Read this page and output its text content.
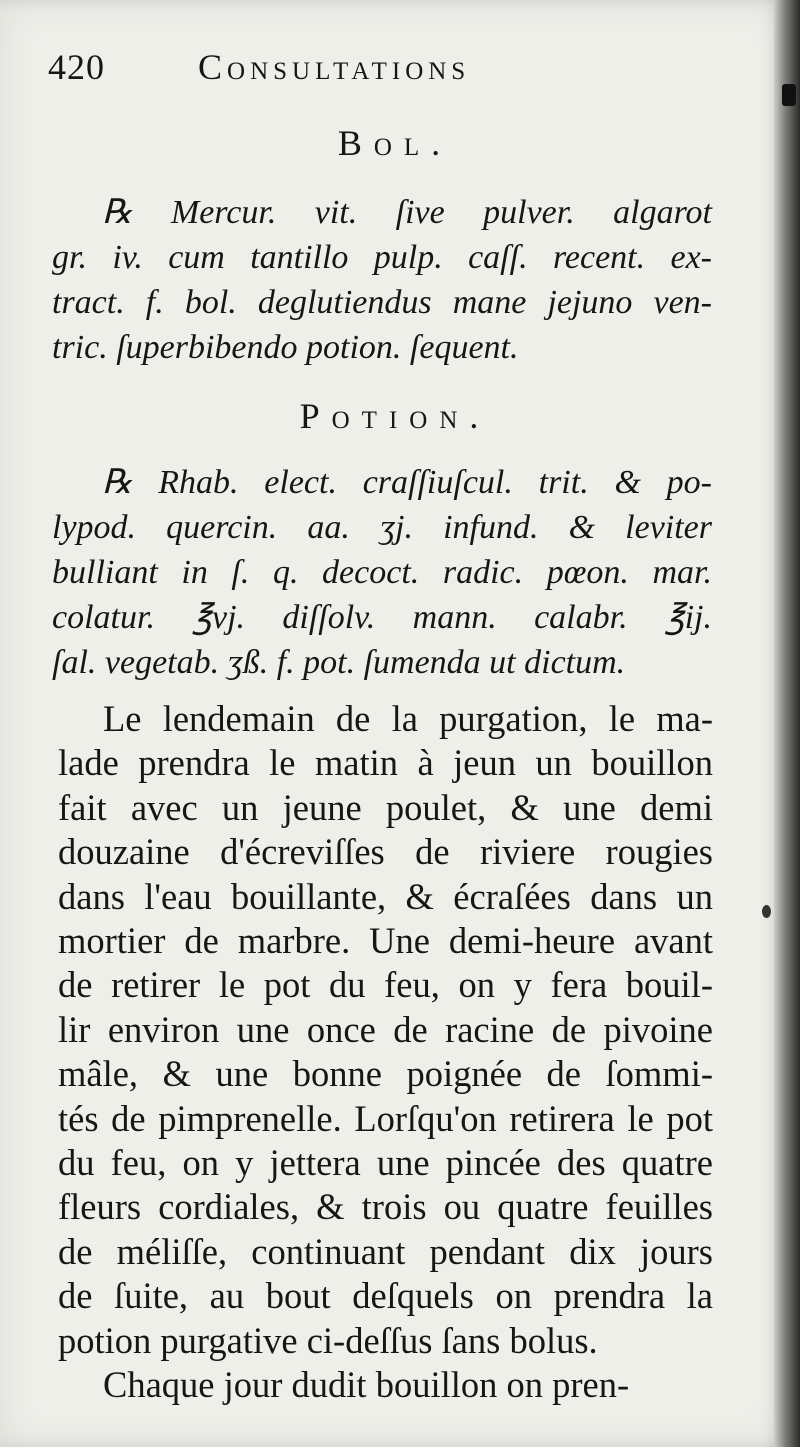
420	Consultations
Bol.
℞ Mercur. vit. ſive pulver. algarot
gr. iv. cum tantillo pulp. caſſ. recent. ex-
tract. f. bol. deglutiendus mane jejuno ven-
tric. ſuperbibendo potion. ſequent.
Potion.
℞ Rhab. elect. craſſiuſcul. trit. & po-
lypod. quercin. aa. ʒj. infund. & leviter
bulliant in ſ. q. decoct. radic. pœon. mar.
colatur. ℥vj. diſſolv. mann. calabr. ℥ij.
ſal. vegetab. ʒß. f. pot. ſumenda ut dictum.
Le lendemain de la purgation, le ma-
lade prendra le matin à jeun un bouillon
fait avec un jeune poulet, & une demi
douzaine d'écreviſſes de riviere rougies
dans l'eau bouillante, & écraſées dans un
mortier de marbre. Une demi-heure avant
de retirer le pot du feu, on y fera bouil-
lir environ une once de racine de pivoine
mâle, & une bonne poignée de ſommi-
tés de pimprenelle. Lorſqu'on retirera le pot
du feu, on y jettera une pincée des quatre
fleurs cordiales, & trois ou quatre feuilles
de méliſſe, continuant pendant dix jours
de ſuite, au bout deſquels on prendra la
potion purgative ci-deſſus ſans bolus.
Chaque jour dudit bouillon on pren-
